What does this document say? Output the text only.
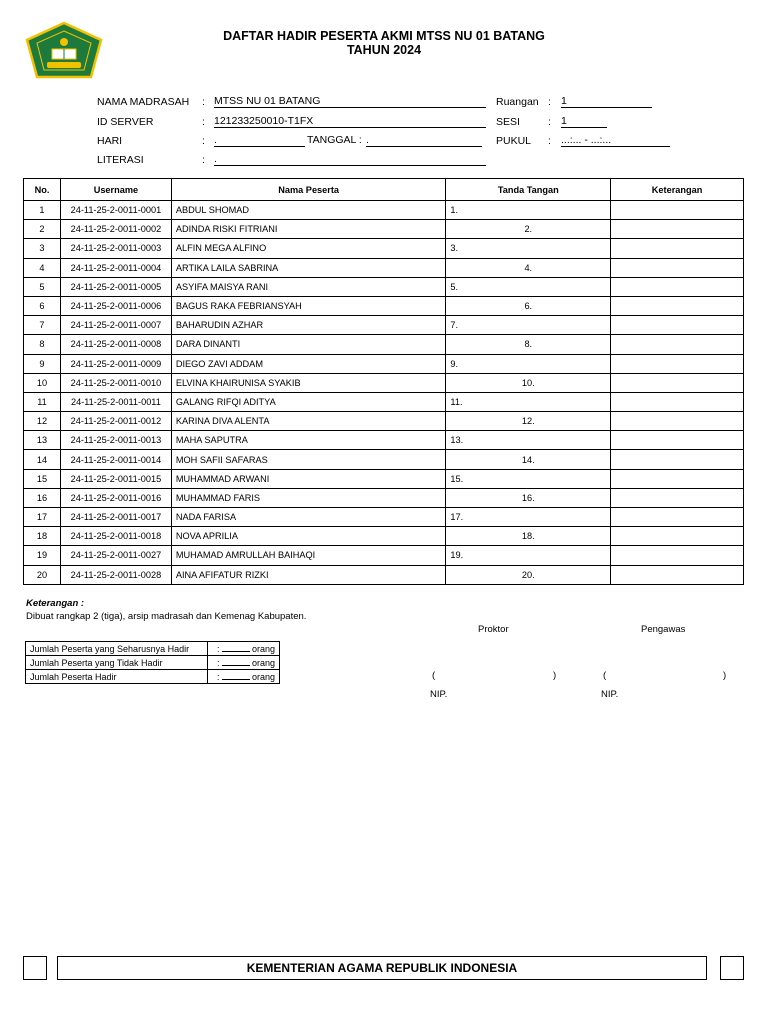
DAFTAR HADIR PESERTA AKMI MTSS NU 01 BATANG TAHUN 2024
NAMA MADRASAH : MTSS NU 01 BATANG	Ruangan : 1
ID SERVER	: 121233250010-T1FX	SESI	: 1
HARI	: .	TANGGAL : .	PUKUL : ...:... - ...:...
LITERASI	: .
No.	Username	Nama Peserta	Tanda Tangan	Keterangan
1	24-11-25-2-0011-0001	ABDUL SHOMAD	1.	
2	24-11-25-2-0011-0002	ADINDA RISKI FITRIANI	2.	
3	24-11-25-2-0011-0003	ALFIN MEGA ALFINO	3.	
4	24-11-25-2-0011-0004	ARTIKA LAILA SABRINA	4.	
5	24-11-25-2-0011-0005	ASYIFA MAISYA RANI	5.	
6	24-11-25-2-0011-0006	BAGUS RAKA FEBRIANSYAH	6.	
7	24-11-25-2-0011-0007	BAHARUDIN AZHAR	7.	
8	24-11-25-2-0011-0008	DARA DINANTI	8.	
9	24-11-25-2-0011-0009	DIEGO ZAVI ADDAM	9.	
10	24-11-25-2-0011-0010	ELVINA KHAIRUNISA SYAKIB	10.	
11	24-11-25-2-0011-0011	GALANG RIFQI ADITYA	11.	
12	24-11-25-2-0011-0012	KARINA DIVA ALENTA	12.	
13	24-11-25-2-0011-0013	MAHA SAPUTRA	13.	
14	24-11-25-2-0011-0014	MOH SAFII SAFARAS	14.	
15	24-11-25-2-0011-0015	MUHAMMAD ARWANI	15.	
16	24-11-25-2-0011-0016	MUHAMMAD FARIS	16.	
17	24-11-25-2-0011-0017	NADA FARISA	17.	
18	24-11-25-2-0011-0018	NOVA APRILIA	18.	
19	24-11-25-2-0011-0027	MUHAMAD AMRULLAH BAIHAQI	19.	
20	24-11-25-2-0011-0028	AINA AFIFATUR RIZKI	20.	
Keterangan :
Dibuat rangkap 2 (tiga), arsip madrasah dan Kemenag Kabupaten.
Jumlah Peserta yang Seharusnya Hadir	: orang
Jumlah Peserta yang Tidak Hadir	: orang
Jumlah Peserta Hadir	: orang
Proktor	Pengawas
(	)	(	)
NIP.	NIP.
KEMENTERIAN AGAMA REPUBLIK INDONESIA
